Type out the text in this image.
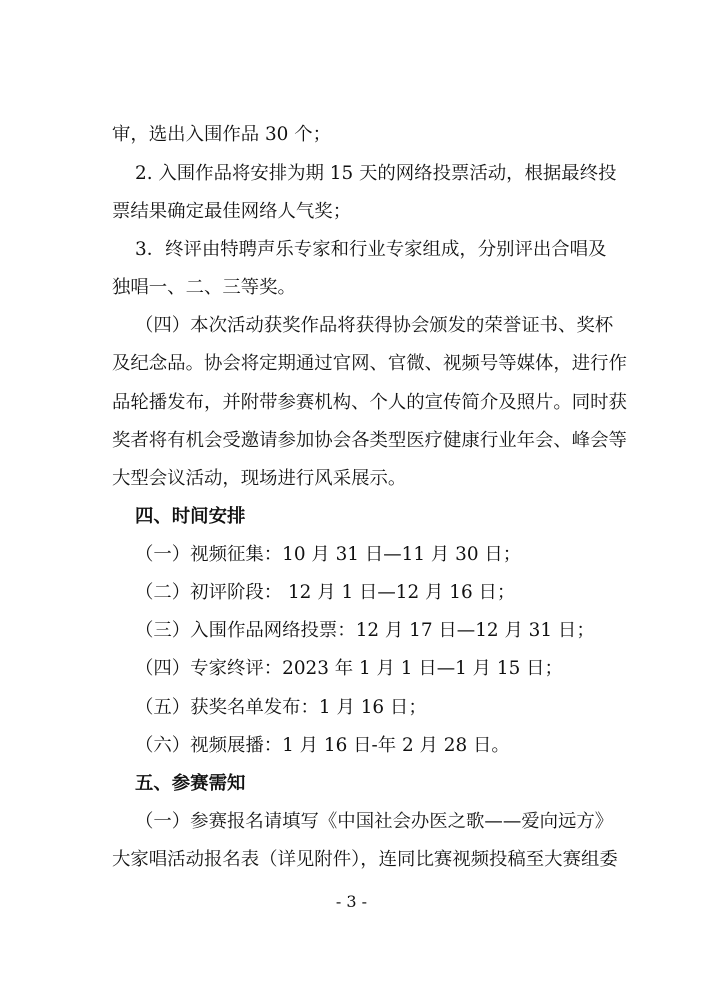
审，选出入围作品 30 个；
2. 入围作品将安排为期 15 天的网络投票活动，根据最终投
票结果确定最佳网络人气奖；
3．终评由特聘声乐专家和行业专家组成，分别评出合唱及
独唱一、二、三等奖。
（四）本次活动获奖作品将获得协会颁发的荣誉证书、奖杯
及纪念品。协会将定期通过官网、官微、视频号等媒体，进行作
品轮播发布，并附带参赛机构、个人的宣传简介及照片。同时获
奖者将有机会受邀请参加协会各类型医疗健康行业年会、峰会等
大型会议活动，现场进行风采展示。
四、时间安排
（一）视频征集：10 月 31 日—11 月 30 日；
（二）初评阶段： 12 月 1 日—12 月 16 日；
（三）入围作品网络投票：12 月 17 日—12 月 31 日；
（四）专家终评：2023 年 1 月 1 日—1 月 15 日；
（五）获奖名单发布：1 月 16 日；
（六）视频展播：1 月 16 日-年 2 月 28 日。
五、参赛需知
（一）参赛报名请填写《中国社会办医之歌——爱向远方》
大家唱活动报名表（详见附件），连同比赛视频投稿至大赛组委
- 3 -
